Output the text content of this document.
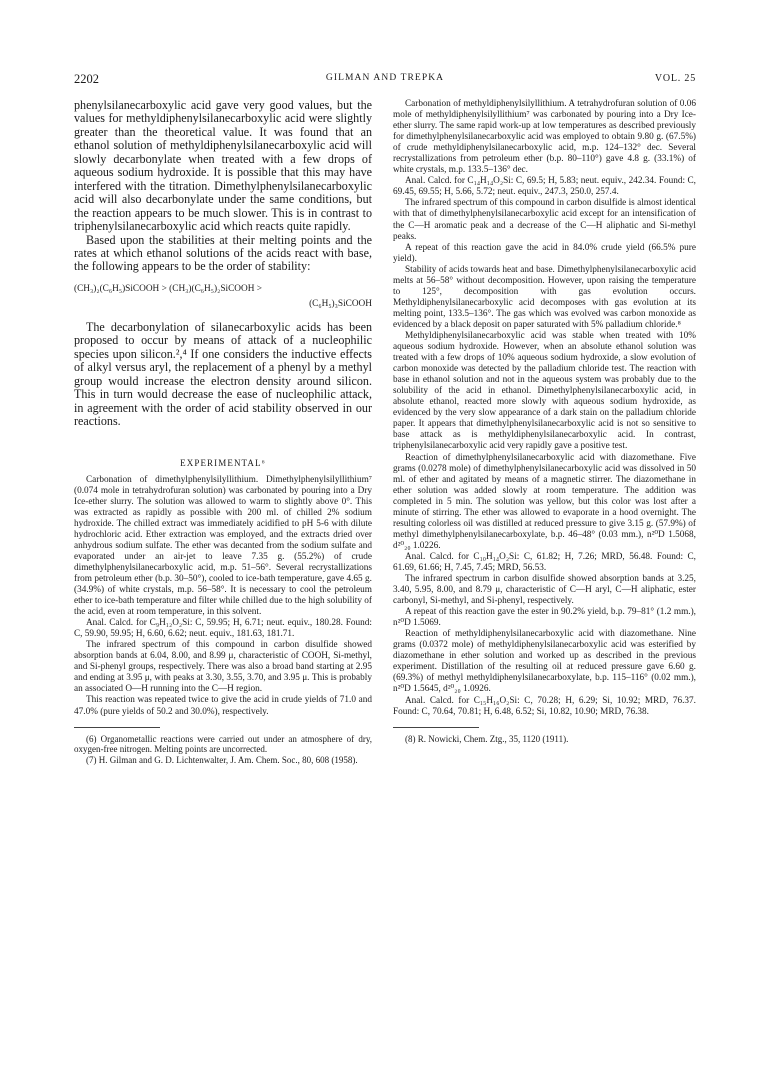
2202	GILMAN AND TREPKA	VOL. 25

phenylsilanecarboxylic acid gave very good values, but the values for methyldiphenylsilanecarboxylic acid were slightly greater than the theoretical value. It was found that an ethanol solution of methyldiphenylsilanecarboxylic acid will slowly decarbonylate when treated with a few drops of aqueous sodium hydroxide. It is possible that this may have interfered with the titration. Dimethylphenylsilanecarboxylic acid will also decarbonylate under the same conditions, but the reaction appears to be much slower. This is in contrast to triphenylsilanecarboxylic acid which reacts quite rapidly.

Based upon the stabilities at their melting points and the rates at which ethanol solutions of the acids react with base, the following appears to be the order of stability:

(CH₃)₂(C₆H₅)SiCOOH > (CH₃)(C₆H₅)₂SiCOOH >
(C₆H₅)₃SiCOOH

The decarbonylation of silanecarboxylic acids has been proposed to occur by means of attack of a nucleophilic species upon silicon.²,⁴ If one considers the inductive effects of alkyl versus aryl, the replacement of a phenyl by a methyl group would increase the electron density around silicon. This in turn would decrease the ease of nucleophilic attack, in agreement with the order of acid stability observed in our reactions.

EXPERIMENTAL⁶

Carbonation of dimethylphenylsilyllithium. Dimethylphenylsilyllithium⁷ (0.074 mole in tetrahydrofuran solution) was carbonated by pouring into a Dry Ice-ether slurry. The solution was allowed to warm to slightly above 0°. This was extracted as rapidly as possible with 200 ml. of chilled 2% sodium hydroxide. The chilled extract was immediately acidified to pH 5-6 with dilute hydrochloric acid. Ether extraction was employed, and the extracts dried over anhydrous sodium sulfate. The ether was decanted from the sodium sulfate and evaporated under an air-jet to leave 7.35 g. (55.2%) of crude dimethylphenylsilanecarboxylic acid, m.p. 51–56°. Several recrystallizations from petroleum ether (b.p. 30–50°), cooled to ice-bath temperature, gave 4.65 g. (34.9%) of white crystals, m.p. 56–58°. It is necessary to cool the petroleum ether to ice-bath temperature and filter while chilled due to the high solubility of the acid, even at room temperature, in this solvent.

Anal. Calcd. for C₉H₁₂O₂Si: C, 59.95; H, 6.71; neut. equiv., 180.28. Found: C, 59.90, 59.95; H, 6.60, 6.62; neut. equiv., 181.63, 181.71.

The infrared spectrum of this compound in carbon disulfide showed absorption bands at 6.04, 8.00, and 8.99 μ, characteristic of COOH, Si-methyl, and Si-phenyl groups, respectively. There was also a broad band starting at 2.95 and ending at 3.95 μ, with peaks at 3.30, 3.55, 3.70, and 3.95 μ. This is probably an associated O—H running into the C—H region.

This reaction was repeated twice to give the acid in crude yields of 71.0 and 47.0% (pure yields of 50.2 and 30.0%), respectively.

(6) Organometallic reactions were carried out under an atmosphere of dry, oxygen-free nitrogen. Melting points are uncorrected.

(7) H. Gilman and G. D. Lichtenwalter, J. Am. Chem. Soc., 80, 608 (1958).

Carbonation of methyldiphenylsilyllithium. A tetrahydrofuran solution of 0.06 mole of methyldiphenylsilyllithium⁷ was carbonated by pouring into a Dry Ice-ether slurry. The same rapid work-up at low temperatures as described previously for dimethylphenylsilanecarboxylic acid was employed to obtain 9.80 g. (67.5%) of crude methyldiphenylsilanecarboxylic acid, m.p. 124–132° dec. Several recrystallizations from petroleum ether (b.p. 80–110°) gave 4.8 g. (33.1%) of white crystals, m.p. 133.5–136° dec.

Anal. Calcd. for C₁₄H₁₄O₂Si: C, 69.5; H, 5.83; neut. equiv., 242.34. Found: C, 69.45, 69.55; H, 5.66, 5.72; neut. equiv., 247.3, 250.0, 257.4.

The infrared spectrum of this compound in carbon disulfide is almost identical with that of dimethylphenylsilanecarboxylic acid except for an intensification of the C—H aromatic peak and a decrease of the C—H aliphatic and Si-methyl peaks.

A repeat of this reaction gave the acid in 84.0% crude yield (66.5% pure yield).

Stability of acids towards heat and base. Dimethylphenylsilanecarboxylic acid melts at 56–58° without decomposition. However, upon raising the temperature to 125°, decomposition with gas evolution occurs. Methyldiphenylsilanecarboxylic acid decomposes with gas evolution at its melting point, 133.5–136°. The gas which was evolved was carbon monoxide as evidenced by a black deposit on paper saturated with 5% palladium chloride.⁸

Methyldiphenylsilanecarboxylic acid was stable when treated with 10% aqueous sodium hydroxide. However, when an absolute ethanol solution was treated with a few drops of 10% aqueous sodium hydroxide, a slow evolution of carbon monoxide was detected by the palladium chloride test. The reaction with base in ethanol solution and not in the aqueous system was probably due to the solubility of the acid in ethanol. Dimethylphenylsilanecarboxylic acid, in absolute ethanol, reacted more slowly with aqueous sodium hydroxide, as evidenced by the very slow appearance of a dark stain on the palladium chloride paper. It appears that dimethylphenylsilanecarboxylic acid is not so sensitive to base attack as is methyldiphenylsilanecarboxylic acid. In contrast, triphenylsilanecarboxylic acid very rapidly gave a positive test.

Reaction of dimethylphenylsilanecarboxylic acid with diazomethane. Five grams (0.0278 mole) of dimethylphenylsilanecarboxylic acid was dissolved in 50 ml. of ether and agitated by means of a magnetic stirrer. The diazomethane in ether solution was added slowly at room temperature. The addition was completed in 5 min. The solution was yellow, but this color was lost after a minute of stirring. The ether was allowed to evaporate in a hood overnight. The resulting colorless oil was distilled at reduced pressure to give 3.15 g. (57.9%) of methyl dimethylphenylsilanecarboxylate, b.p. 46–48° (0.03 mm.), n²⁰D 1.5068, d²⁰₂₀ 1.0226.

Anal. Calcd. for C₁₀H₁₄O₂Si: C, 61.82; H, 7.26; MRD, 56.48. Found: C, 61.69, 61.66; H, 7.45, 7.45; MRD, 56.53.

The infrared spectrum in carbon disulfide showed absorption bands at 3.25, 3.40, 5.95, 8.00, and 8.79 μ, characteristic of C—H aryl, C—H aliphatic, ester carbonyl, Si-methyl, and Si-phenyl, respectively.

A repeat of this reaction gave the ester in 90.2% yield, b.p. 79–81° (1.2 mm.), n²⁰D 1.5069.

Reaction of methyldiphenylsilanecarboxylic acid with diazomethane. Nine grams (0.0372 mole) of methyldiphenylsilanecarboxylic acid was esterified by diazomethane in ether solution and worked up as described in the previous experiment. Distillation of the resulting oil at reduced pressure gave 6.60 g. (69.3%) of methyl methyldiphenylsilanecarboxylate, b.p. 115–116° (0.02 mm.), n²⁰D 1.5645, d²⁰₂₀ 1.0926.

Anal. Calcd. for C₁₅H₁₆O₂Si: C, 70.28; H, 6.29; Si, 10.92; MRD, 76.37. Found: C, 70.64, 70.81; H, 6.48, 6.52; Si, 10.82, 10.90; MRD, 76.38.

(8) R. Nowicki, Chem. Ztg., 35, 1120 (1911).
